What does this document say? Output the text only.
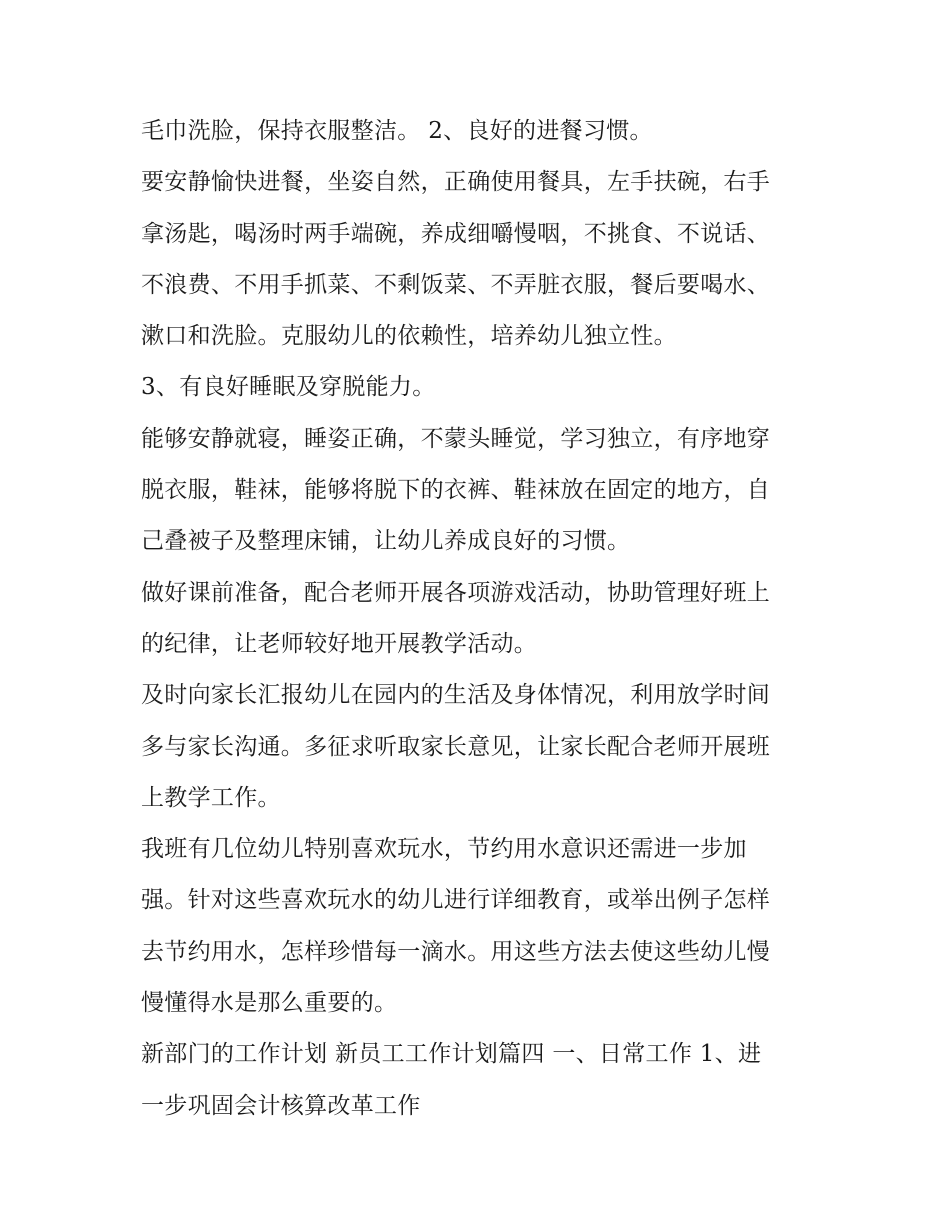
毛巾洗脸，保持衣服整洁。 2、良好的进餐习惯。
要安静愉快进餐，坐姿自然，正确使用餐具，左手扶碗，右手
拿汤匙，喝汤时两手端碗，养成细嚼慢咽，不挑食、不说话、
不浪费、不用手抓菜、不剩饭菜、不弄脏衣服，餐后要喝水、
漱口和洗脸。克服幼儿的依赖性，培养幼儿独立性。
3、有良好睡眠及穿脱能力。
能够安静就寝，睡姿正确，不蒙头睡觉，学习独立，有序地穿
脱衣服，鞋袜，能够将脱下的衣裤、鞋袜放在固定的地方，自
己叠被子及整理床铺，让幼儿养成良好的习惯。
做好课前准备，配合老师开展各项游戏活动，协助管理好班上
的纪律，让老师较好地开展教学活动。
及时向家长汇报幼儿在园内的生活及身体情况，利用放学时间
多与家长沟通。多征求听取家长意见，让家长配合老师开展班
上教学工作。
我班有几位幼儿特别喜欢玩水，节约用水意识还需进一步加
强。针对这些喜欢玩水的幼儿进行详细教育，或举出例子怎样
去节约用水，怎样珍惜每一滴水。用这些方法去使这些幼儿慢
慢懂得水是那么重要的。
新部门的工作计划 新员工工作计划篇四 一、日常工作 1、进
一步巩固会计核算改革工作
